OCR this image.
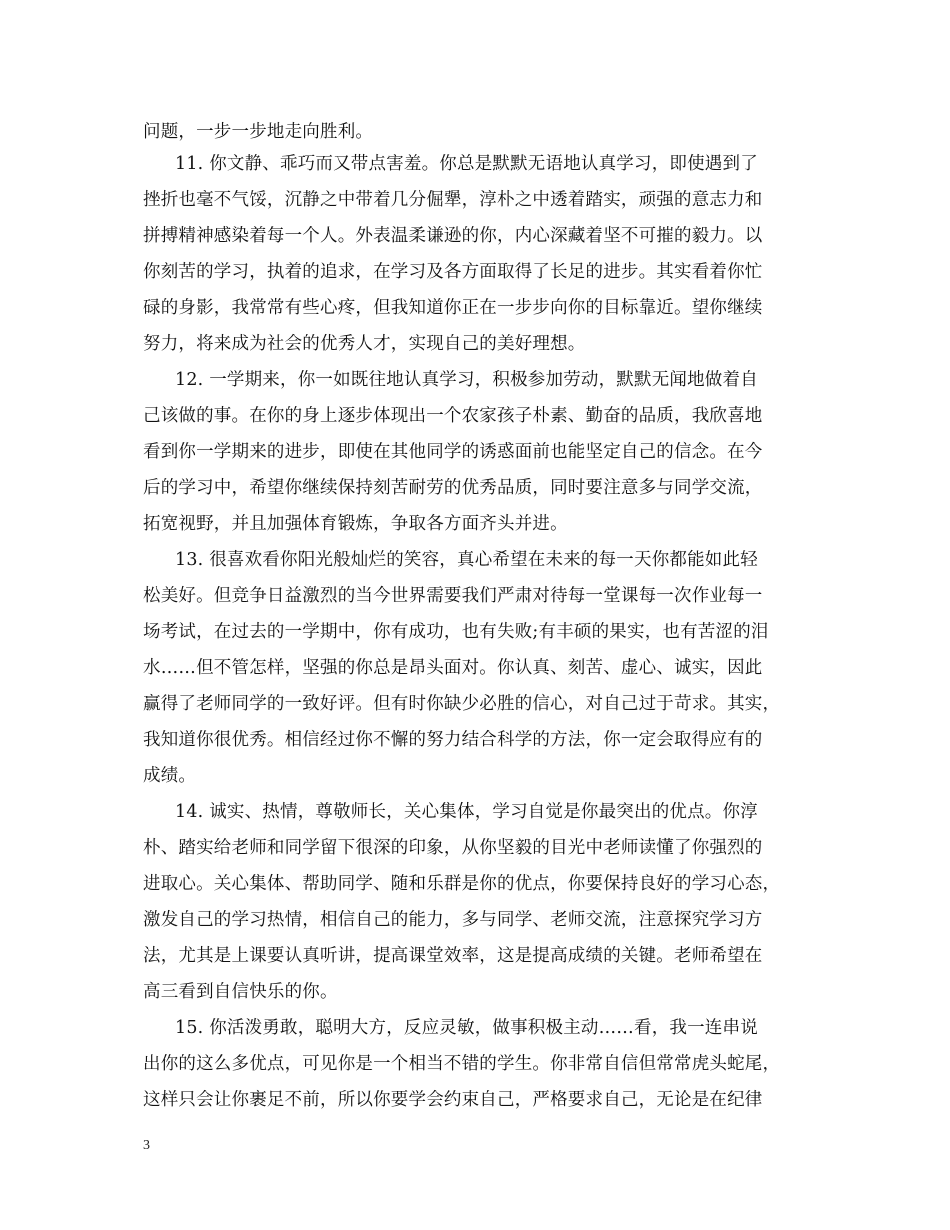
问题，一步一步地走向胜利。
11. 你文静、乖巧而又带点害羞。你总是默默无语地认真学习，即使遇到了
挫折也毫不气馁，沉静之中带着几分倔犟，淳朴之中透着踏实，顽强的意志力和
拼搏精神感染着每一个人。外表温柔谦逊的你，内心深藏着坚不可摧的毅力。以
你刻苦的学习，执着的追求，在学习及各方面取得了长足的进步。其实看着你忙
碌的身影，我常常有些心疼，但我知道你正在一步步向你的目标靠近。望你继续
努力，将来成为社会的优秀人才，实现自己的美好理想。
12. 一学期来，你一如既往地认真学习，积极参加劳动，默默无闻地做着自
己该做的事。在你的身上逐步体现出一个农家孩子朴素、勤奋的品质，我欣喜地
看到你一学期来的进步，即使在其他同学的诱惑面前也能坚定自己的信念。在今
后的学习中，希望你继续保持刻苦耐劳的优秀品质，同时要注意多与同学交流，
拓宽视野，并且加强体育锻炼，争取各方面齐头并进。
13. 很喜欢看你阳光般灿烂的笑容，真心希望在未来的每一天你都能如此轻
松美好。但竞争日益激烈的当今世界需要我们严肃对待每一堂课每一次作业每一
场考试，在过去的一学期中，你有成功，也有失败;有丰硕的果实，也有苦涩的泪
水……但不管怎样，坚强的你总是昂头面对。你认真、刻苦、虚心、诚实，因此
赢得了老师同学的一致好评。但有时你缺少必胜的信心，对自己过于苛求。其实，
我知道你很优秀。相信经过你不懈的努力结合科学的方法，你一定会取得应有的
成绩。
14. 诚实、热情，尊敬师长，关心集体，学习自觉是你最突出的优点。你淳
朴、踏实给老师和同学留下很深的印象，从你坚毅的目光中老师读懂了你强烈的
进取心。关心集体、帮助同学、随和乐群是你的优点，你要保持良好的学习心态，
激发自己的学习热情，相信自己的能力，多与同学、老师交流，注意探究学习方
法，尤其是上课要认真听讲，提高课堂效率，这是提高成绩的关键。老师希望在
高三看到自信快乐的你。
15. 你活泼勇敢，聪明大方，反应灵敏，做事积极主动……看，我一连串说
出你的这么多优点，可见你是一个相当不错的学生。你非常自信但常常虎头蛇尾，
这样只会让你裹足不前，所以你要学会约束自己，严格要求自己，无论是在纪律
3
